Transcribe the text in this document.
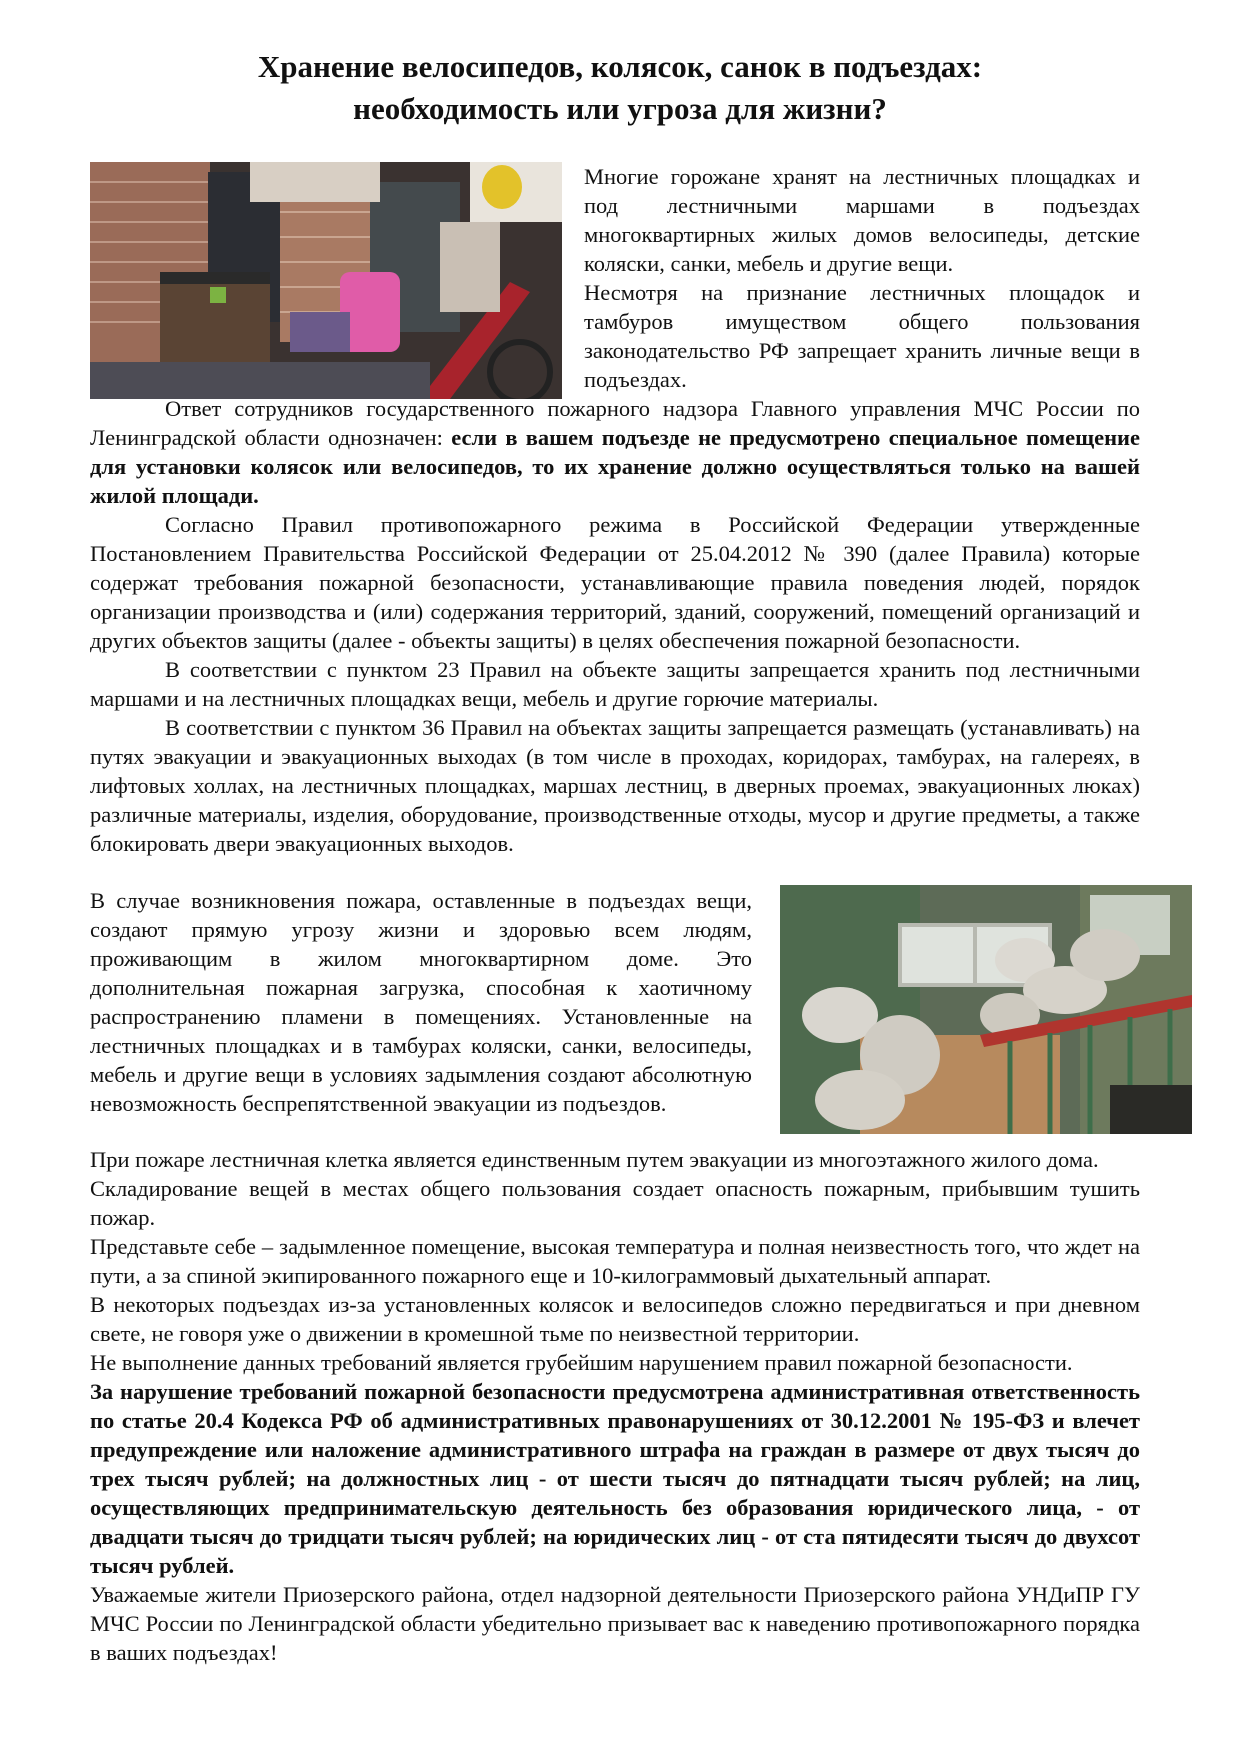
Хранение велосипедов, колясок, санок в подъездах:
необходимость или угроза для жизни?

Многие горожане хранят на лестничных площадках и под лестничными маршами в подъездах многоквартирных жилых домов велосипеды, детские коляски, санки, мебель и другие вещи.

Несмотря на признание лестничных площадок и тамбуров имуществом общего пользования законодательство РФ запрещает хранить личные вещи в подъездах.

Ответ сотрудников государственного пожарного надзора Главного управления МЧС России по Ленинградской области однозначен: если в вашем подъезде не предусмотрено специальное помещение для установки колясок или велосипедов, то их хранение должно осуществляться только на вашей жилой площади.

Согласно Правил противопожарного режима в Российской Федерации утвержденные Постановлением Правительства Российской Федерации от 25.04.2012 № 390 (далее Правила) которые содержат требования пожарной безопасности, устанавливающие правила поведения людей, порядок организации производства и (или) содержания территорий, зданий, сооружений, помещений организаций и других объектов защиты (далее - объекты защиты) в целях обеспечения пожарной безопасности.

В соответствии с пунктом 23 Правил на объекте защиты запрещается хранить под лестничными маршами и на лестничных площадках вещи, мебель и другие горючие материалы.

В соответствии с пунктом 36 Правил на объектах защиты запрещается размещать (устанавливать) на путях эвакуации и эвакуационных выходах (в том числе в проходах, коридорах, тамбурах, на галереях, в лифтовых холлах, на лестничных площадках, маршах лестниц, в дверных проемах, эвакуационных люках) различные материалы, изделия, оборудование, производственные отходы, мусор и другие предметы, а также блокировать двери эвакуационных выходов.

В случае возникновения пожара, оставленные в подъездах вещи, создают прямую угрозу жизни и здоровью всем людям, проживающим в жилом многоквартирном доме. Это дополнительная пожарная загрузка, способная к хаотичному распространению пламени в помещениях. Установленные на лестничных площадках и в тамбурах коляски, санки, велосипеды, мебель и другие вещи в условиях задымления создают абсолютную невозможность беспрепятственной эвакуации из подъездов.

При пожаре лестничная клетка является единственным путем эвакуации из многоэтажного жилого дома.

Складирование вещей в местах общего пользования создает опасность пожарным, прибывшим тушить пожар.

Представьте себе – задымленное помещение, высокая температура и полная неизвестность того, что ждет на пути, а за спиной экипированного пожарного еще и 10-килограммовый дыхательный аппарат.

В некоторых подъездах из-за установленных колясок и велосипедов сложно передвигаться и при дневном свете, не говоря уже о движении в кромешной тьме по неизвестной территории.

Не выполнение данных требований является грубейшим нарушением правил пожарной безопасности.

За нарушение требований пожарной безопасности предусмотрена административная ответственность по статье 20.4 Кодекса РФ об административных правонарушениях от 30.12.2001 № 195-ФЗ и влечет предупреждение или наложение административного штрафа на граждан в размере от двух тысяч до трех тысяч рублей; на должностных лиц - от шести тысяч до пятнадцати тысяч рублей; на лиц, осуществляющих предпринимательскую деятельность без образования юридического лица, - от двадцати тысяч до тридцати тысяч рублей; на юридических лиц - от ста пятидесяти тысяч до двухсот тысяч рублей.

Уважаемые жители Приозерского района, отдел надзорной деятельности Приозерского района УНДиПР ГУ МЧС России по Ленинградской области убедительно призывает вас к наведению противопожарного порядка в ваших подъездах!
